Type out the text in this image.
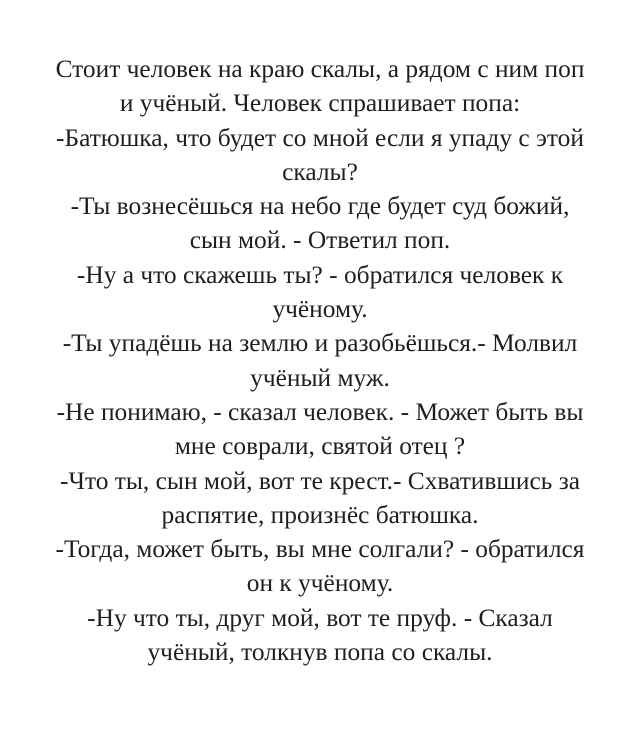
Стоит человек на краю скалы, а рядом с ним поп
и учёный. Человек спрашивает попа:
-Батюшка, что будет со мной если я упаду с этой
скалы?
-Ты вознесёшься на небо где будет суд божий,
сын мой. - Ответил поп.
-Ну а что скажешь ты? - обратился человек к
учёному.
-Ты упадёшь на землю и разобьёшься.- Молвил
учёный муж.
-Не понимаю, - сказал человек. - Может быть вы
мне соврали, святой отец ?
-Что ты, сын мой, вот те крест.- Схватившись за
распятие, произнёс батюшка.
-Тогда, может быть, вы мне солгали? - обратился
он к учёному.
-Ну что ты, друг мой, вот те пруф. - Сказал
учёный, толкнув попа со скалы.
